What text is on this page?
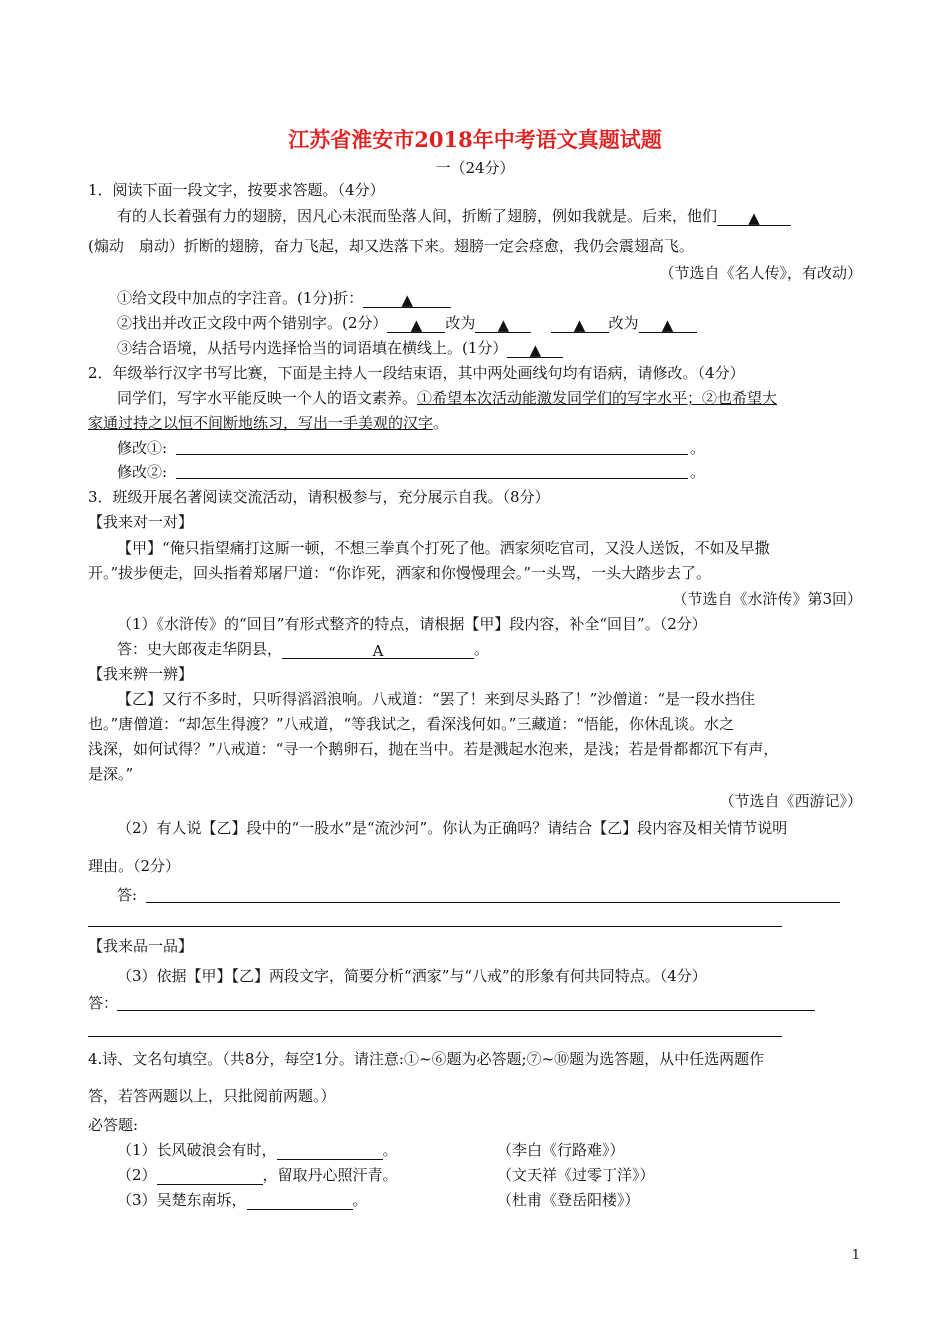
江苏省淮安市2018年中考语文真题试题
一（24分）
1．阅读下面一段文字，按要求答题。（4分）
有的人长着强有力的翅膀，因凡心未泯而坠落人间，折断了翅膀，例如我就是。后来，他们 ▲
(煽动　扇动）折断的翅膀，奋力飞起，却又迭落下来。翅膀一定会痉愈，我仍会震翅高飞。
（节选自《名人传》，有改动）
①给文段中加点的字注音。(1分)折：	▲
②找出并改正文段中两个错别字。(2分） ▲ 改为 ▲	▲ 改为 ▲
③结合语境，从括号内选择恰当的词语填在横线上。(1分） ▲
2．年级举行汉字书写比赛，下面是主持人一段结束语，其中两处画线句均有语病，请修改。（4分）
同学们，写字水平能反映一个人的语文素养。①希望本次活动能激发同学们的写字水平；②也希望大
家通过持之以恒不间断地练习，写出一手美观的汉字。
修改①:	。
修改②:	。
3．班级开展名著阅读交流活动，请积极参与，充分展示自我。（8分）
【我来对一对】
【甲】“俺只指望痛打这厮一顿，不想三拳真个打死了他。洒家须吃官司，又没人送饭，不如及早撒
开。”拔步便走，回头指着郑屠尸道：“你诈死，洒家和你慢慢理会。”一头骂，一头大踏步去了。
（节选自《水浒传》第3回）
（1）《水浒传》的“回目”有形式整齐的特点，请根据【甲】段内容，补全“回目”。（2分）
答：史大郎夜走华阴县，	A	。
【我来辨一辨】
【乙】又行不多时，只听得滔滔浪响。八戒道：“罢了！来到尽头路了！”沙僧道：“是一段水挡住
也。”唐僧道：“却怎生得渡？”八戒道，“等我试之，看深浅何如。”三藏道：“悟能，你休乱谈。水之
浅深，如何试得？”八戒道：“寻一个鹅卵石，抛在当中。若是溅起水泡来，是浅；若是骨都都沉下有声，
是深。”
（节选自《西游记》）
（2）有人说【乙】段中的“一股水”是“流沙河”。你认为正确吗？请结合【乙】段内容及相关情节说明
理由。（2分）
答:
【我来品一品】
（3）依据【甲】【乙】两段文字，简要分析“洒家”与“八戒”的形象有何共同特点。（4分）
答：
4.诗、文名句填空。（共8分，每空1分。请注意:①~⑥题为必答题;⑦~⑩题为选答题，从中任选两题作
答，若答两题以上，只批阅前两题。）
必答题:
（1）长风破浪会有时，	。	（李白《行路难》）
（2）	，留取丹心照汗青。	（文天祥《过零丁洋》）
（3）吴楚东南坼，	。	（杜甫《登岳阳楼》）
1
